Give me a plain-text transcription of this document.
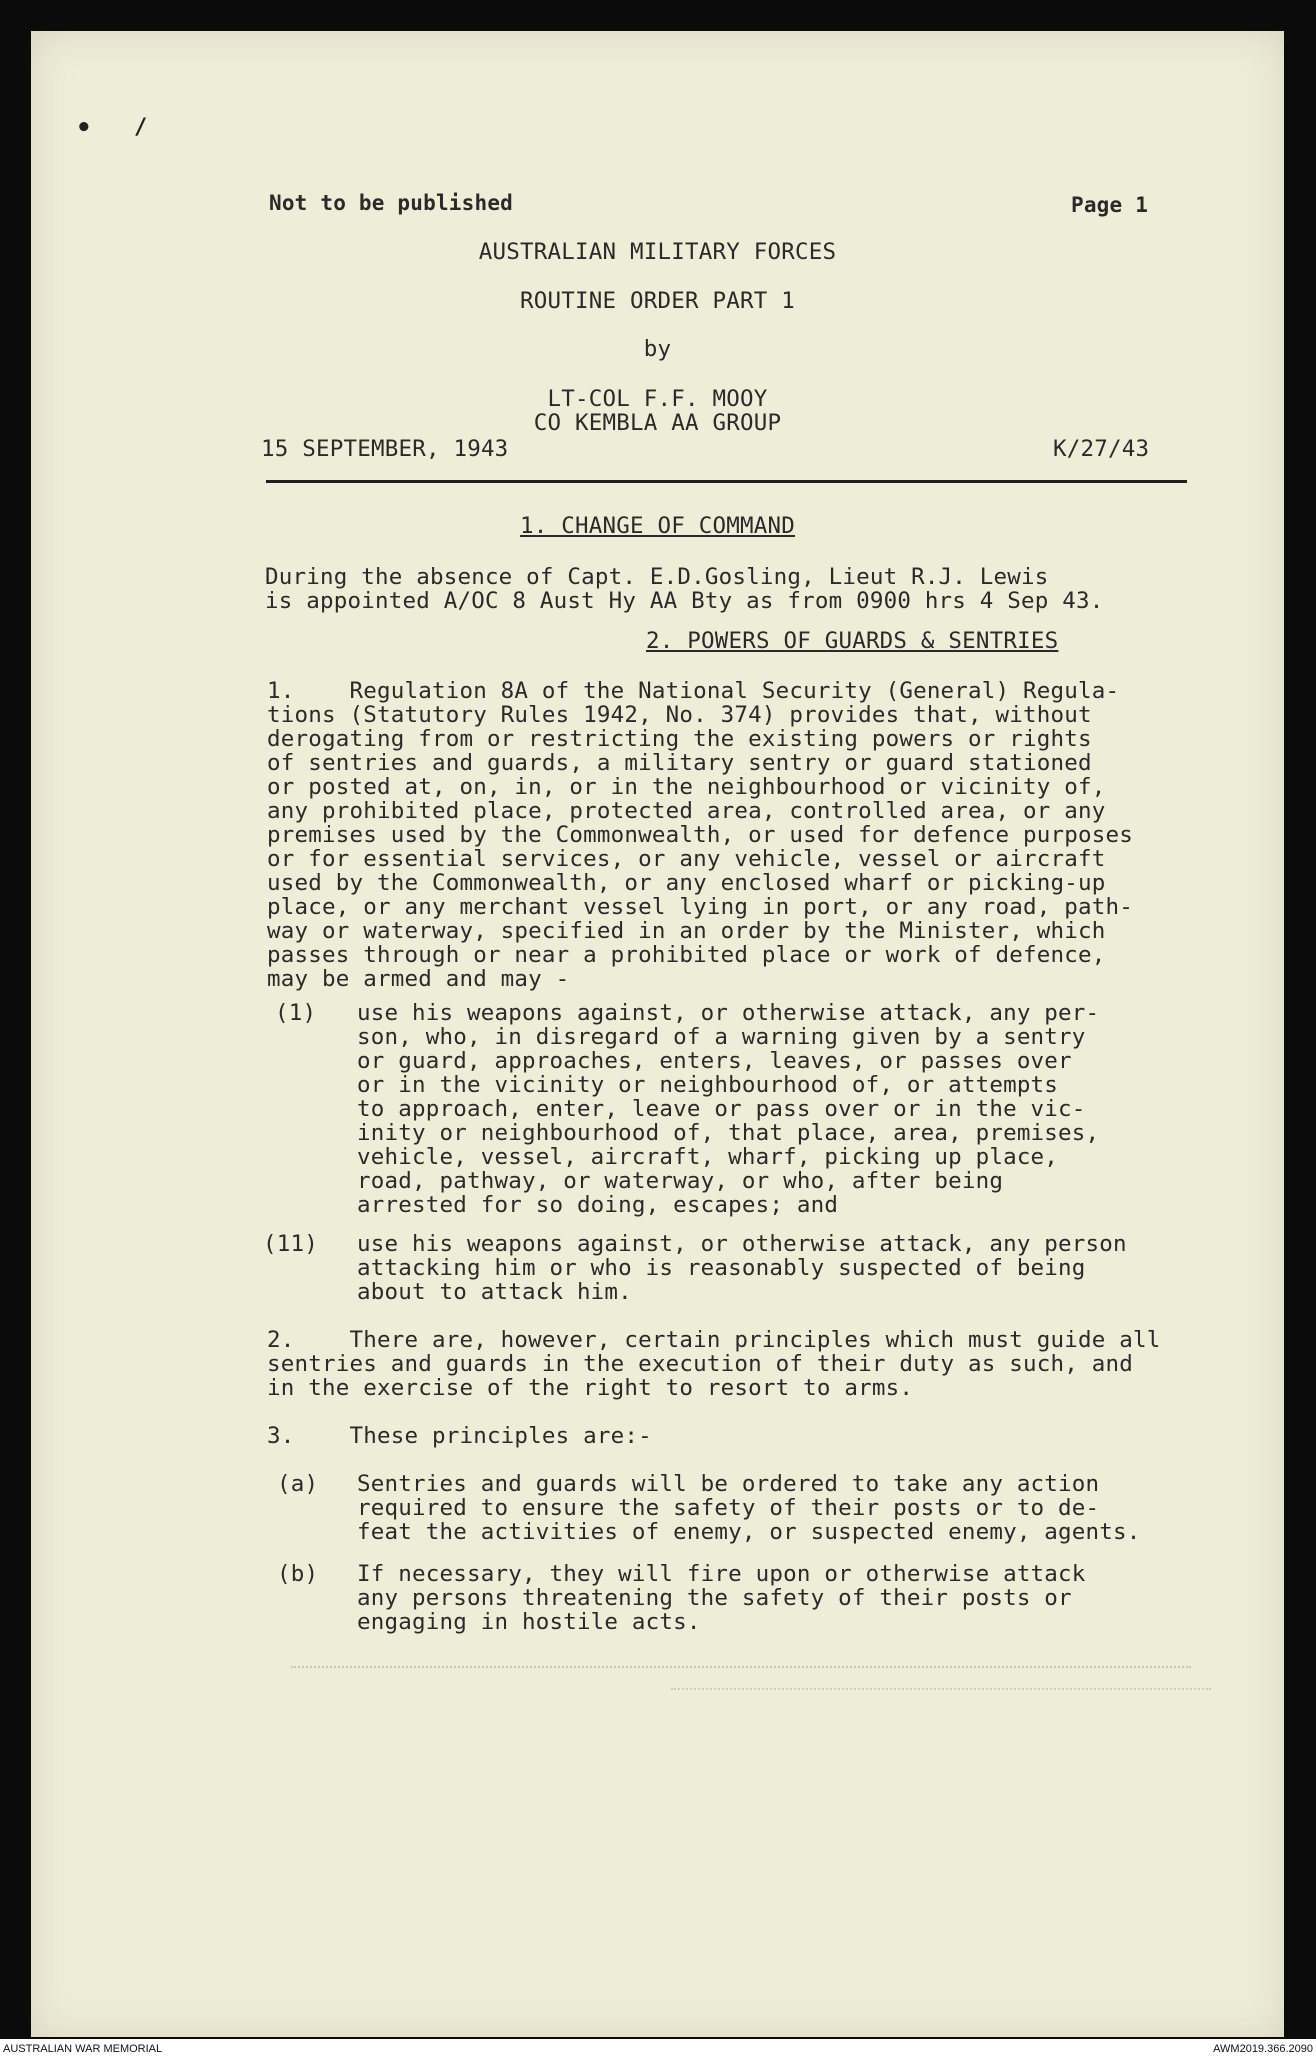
• /
Not to be published	Page 1
AUSTRALIAN MILITARY FORCES
ROUTINE ORDER PART 1
by
LT-COL F.F. MOOY
CO KEMBLA AA GROUP
15 SEPTEMBER, 1943	K/27/43
1. CHANGE OF COMMAND
During the absence of Capt. E.D.Gosling, Lieut R.J. Lewis
is appointed A/OC 8 Aust Hy AA Bty as from 0900 hrs 4 Sep 43.
2. POWERS OF GUARDS & SENTRIES
1.    Regulation 8A of the National Security (General) Regula-
tions (Statutory Rules 1942, No. 374) provides that, without
derogating from or restricting the existing powers or rights
of sentries and guards, a military sentry or guard stationed
or posted at, on, in, or in the neighbourhood or vicinity of,
any prohibited place, protected area, controlled area, or any
premises used by the Commonwealth, or used for defence purposes
or for essential services, or any vehicle, vessel or aircraft
used by the Commonwealth, or any enclosed wharf or picking-up
place, or any merchant vessel lying in port, or any road, path-
way or waterway, specified in an order by the Minister, which
passes through or near a prohibited place or work of defence,
may be armed and may -
(1) use his weapons against, or otherwise attack, any per-
son, who, in disregard of a warning given by a sentry
or guard, approaches, enters, leaves, or passes over
or in the vicinity or neighbourhood of, or attempts
to approach, enter, leave or pass over or in the vic-
inity or neighbourhood of, that place, area, premises,
vehicle, vessel, aircraft, wharf, picking up place,
road, pathway, or waterway, or who, after being
arrested for so doing, escapes; and
(11) use his weapons against, or otherwise attack, any person
attacking him or who is reasonably suspected of being
about to attack him.
2.    There are, however, certain principles which must guide all
sentries and guards in the execution of their duty as such, and
in the exercise of the right to resort to arms.
3.    These principles are:-
(a) Sentries and guards will be ordered to take any action
required to ensure the safety of their posts or to de-
feat the activities of enemy, or suspected enemy, agents.
(b) If necessary, they will fire upon or otherwise attack
any persons threatening the safety of their posts or
engaging in hostile acts.
AUSTRALIAN WAR MEMORIAL	AWM2019.366.2090
